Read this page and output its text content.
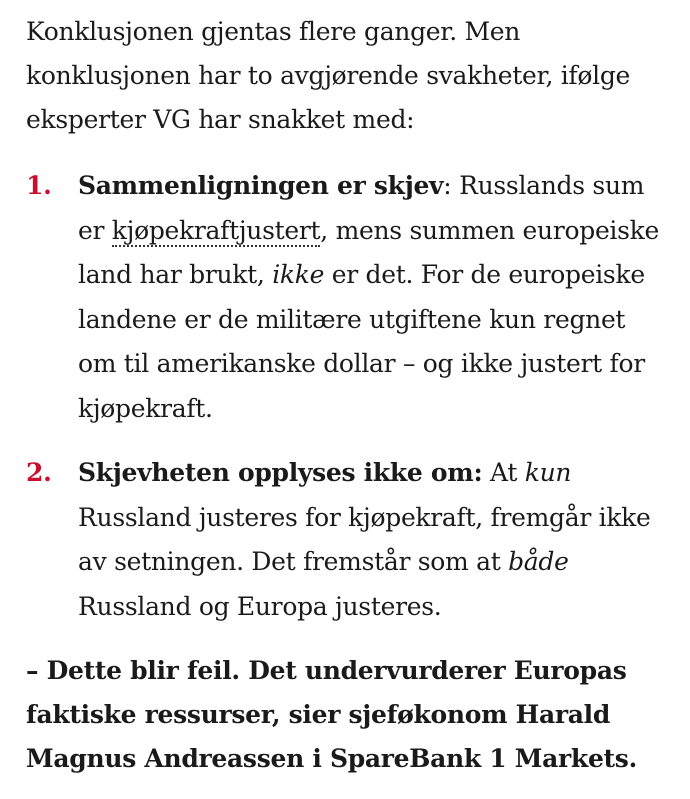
Konklusjonen gjentas flere ganger. Men konklusjonen har to avgjørende svakheter, ifølge eksperter VG har snakket med:

1. Sammenligningen er skjev: Russlands sum er kjøpekraftjustert, mens summen europeiske land har brukt, ikke er det. For de europeiske landene er de militære utgiftene kun regnet om til amerikanske dollar – og ikke justert for kjøpekraft.
2. Skjevheten opplyses ikke om: At kun Russland justeres for kjøpekraft, fremgår ikke av setningen. Det fremstår som at både Russland og Europa justeres.

– Dette blir feil. Det undervurderer Europas faktiske ressurser, sier sjeføkonom Harald Magnus Andreassen i SpareBank 1 Markets.
